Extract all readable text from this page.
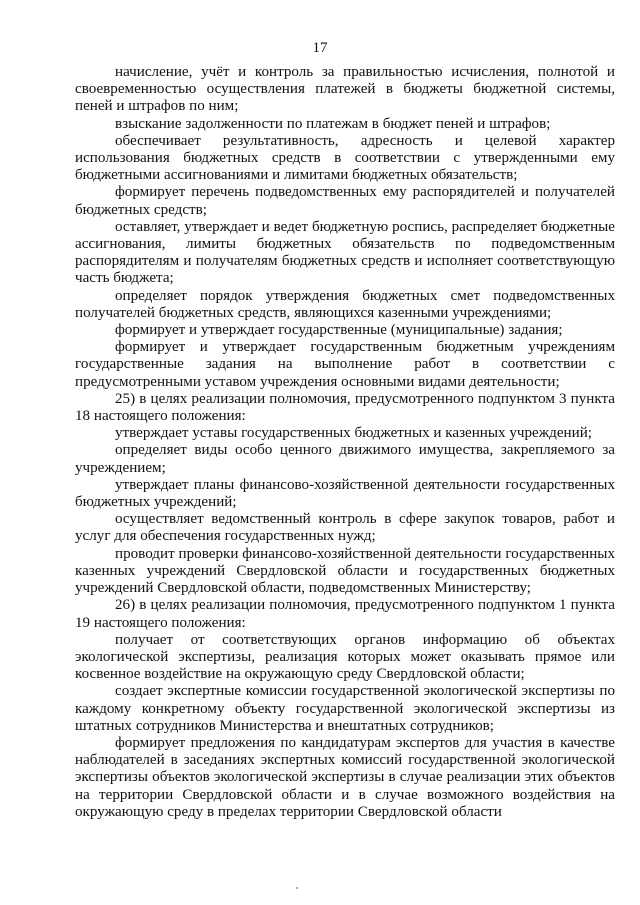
17

начисление, учёт и контроль за правильностью исчисления, полнотой и своевременностью осуществления платежей в бюджеты бюджетной системы, пеней и штрафов по ним;

взыскание задолженности по платежам в бюджет пеней и штрафов;

обеспечивает результативность, адресность и целевой характер использования бюджетных средств в соответствии с утвержденными ему бюджетными ассигнованиями и лимитами бюджетных обязательств;

формирует перечень подведомственных ему распорядителей и получателей бюджетных средств;

оставляет, утверждает и ведет бюджетную роспись, распределяет бюджетные ассигнования, лимиты бюджетных обязательств по подведомственным распорядителям и получателям бюджетных средств и исполняет соответствующую часть бюджета;

определяет порядок утверждения бюджетных смет подведомственных получателей бюджетных средств, являющихся казенными учреждениями;

формирует и утверждает государственные (муниципальные) задания;

формирует и утверждает государственным бюджетным учреждениям государственные задания на выполнение работ в соответствии с предусмотренными уставом учреждения основными видами деятельности;

25) в целях реализации полномочия, предусмотренного подпунктом 3 пункта 18 настоящего положения:

утверждает уставы государственных бюджетных и казенных учреждений;

определяет виды особо ценного движимого имущества, закрепляемого за учреждением;

утверждает планы финансово-хозяйственной деятельности государственных бюджетных учреждений;

осуществляет ведомственный контроль в сфере закупок товаров, работ и услуг для обеспечения государственных нужд;

проводит проверки финансово-хозяйственной деятельности государственных казенных учреждений Свердловской области и государственных бюджетных учреждений Свердловской области, подведомственных Министерству;

26) в целях реализации полномочия, предусмотренного подпунктом 1 пункта 19 настоящего положения:

получает от соответствующих органов информацию об объектах экологической экспертизы, реализация которых может оказывать прямое или косвенное воздействие на окружающую среду Свердловской области;

создает экспертные комиссии государственной экологической экспертизы по каждому конкретному объекту государственной экологической экспертизы из штатных сотрудников Министерства и внештатных сотрудников;

формирует предложения по кандидатурам экспертов для участия в качестве наблюдателей в заседаниях экспертных комиссий государственной экологической экспертизы объектов экологической экспертизы в случае реализации этих объектов на территории Свердловской области и в случае возможного воздействия на окружающую среду в пределах территории Свердловской области
